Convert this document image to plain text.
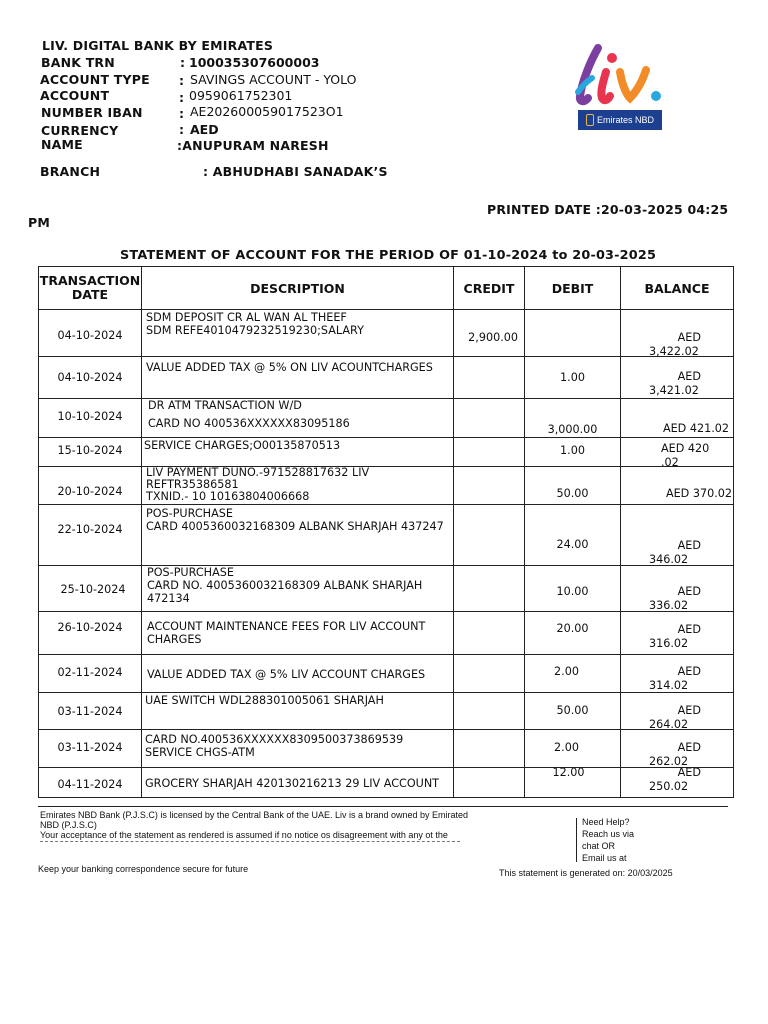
LIV. DIGITAL BANK BY EMIRATES
BANK TRN	: 100035307600003
ACCOUNT TYPE : SAVINGS ACCOUNT - YOLO
ACCOUNT	: 0959061752301
NUMBER IBAN	: AE202600059017523O1
CURRENCY	: AED
NAME	:ANUPURAM NARESH
BRANCH	: ABHUDHABI SANADAK’S
PRINTED DATE :20-03-2025 04:25
PM
Emirates NBD
STATEMENT OF ACCOUNT FOR THE PERIOD OF 01-10-2024 to 20-03-2025
TRANSACTION
DATE	DESCRIPTION	CREDIT	DEBIT	BALANCE

04-10-2024	SDM DEPOSIT CR AL WAN AL THEEF
SDM REFE4010479232519230;SALARY	2,900.00		AED
3,422.02

04-10-2024	VALUE ADDED TAX @ 5% ON LIV ACOUNTCHARGES		1.00	AED
3,421.02

10-10-2024	DR ATM TRANSACTION W/D

CARD NO 400536XXXXXX83095186		3,000.00	AED 421.02

15-10-2024	SERVICE CHARGES;O00135870513		1.00	AED 420 .02

20-10-2024	LIV PAYMENT DUNO.-971528817632 LIV
REFTR35386581
TXNID.- 10 10163804006668		50.00	AED 370.02

22-10-2024	POS-PURCHASE
CARD 4005360032168309 ALBANK SHARJAH 437247		24.00	AED
346.02

25-10-2024	POS-PURCHASE
CARD NO. 4005360032168309 ALBANK SHARJAH
472134		10.00	AED
336.02

26-10-2024	ACCOUNT MAINTENANCE FEES FOR LIV ACCOUNT
CHARGES		20.00	AED
316.02

02-11-2024	VALUE ADDED TAX @ 5% LIV ACCOUNT CHARGES		2.00	AED
314.02

03-11-2024	UAE SWITCH WDL288301005061 SHARJAH		50.00	AED
264.02

03-11-2024	CARD NO.400536XXXXXX8309500373869539
SERVICE CHGS-ATM		2.00	AED
262.02

04-11-2024	GROCERY SHARJAH 420130216213 29 LIV ACCOUNT		12.00	AED
250.02
Emirates NBD Bank (P.J.S.C) is licensed by the Central Bank of the UAE. Liv is a brand owned by Emirated
NBD (P.J.S.C)
Your acceptance of the statement as rendered is assumed if no notice os disagreement with any ot the
Keep your banking correspondence secure for future
Need Help?
Reach us via
chat OR
Email us at
This statement is generated on: 20/03/2025
